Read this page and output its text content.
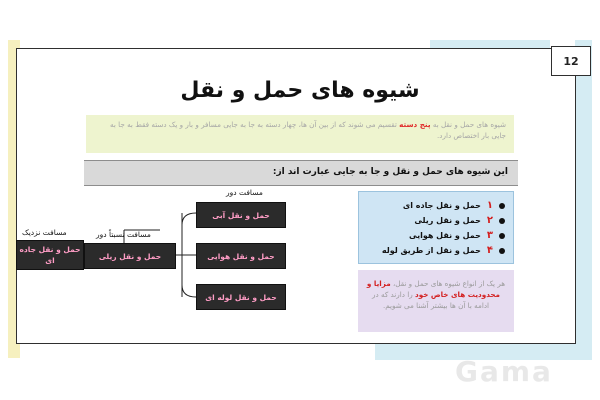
12
شیوه های حمل و نقل
شیوه های حمل و نقل به پنج دسته تقسیم می شوند که از بین آن ها، چهار دسته به جا به جایی مسافر و بار و یک دسته فقط به جا به جایی بار اختصاص دارد.
این شیوه های حمل و نقل و جا به جایی عبارت اند از:
۱
حمل و نقل جاده ای
۲
حمل و نقل ریلی
۳
حمل و نقل هوایی
۴
حمل و نقل از طریق لوله
هر یک از انواع شیوه های حمل و نقل، مزایا و محدودیت های خاص خود را دارند که در ادامه با آن ها بیشتر آشنا می شویم.
مسافت نزدیک	مسافت نسبتاً دور
مسافت دور
حمل و نقل جاده ای	حمل و نقل ریلی
حمل و نقل آبی
حمل و نقل هوایی
حمل و نقل لوله ای
Gama
